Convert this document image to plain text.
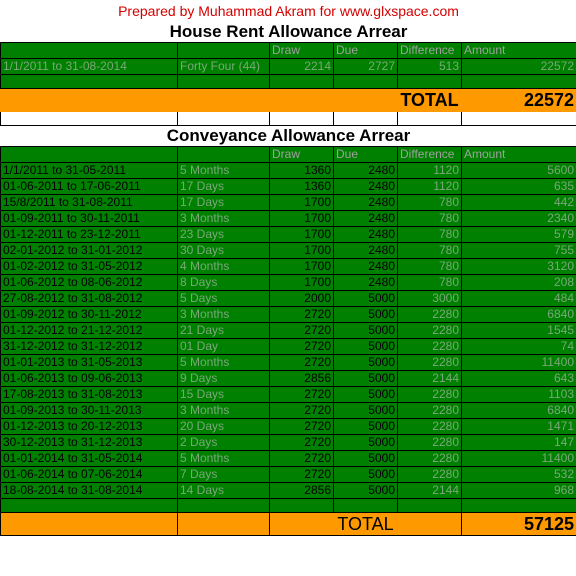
Prepared by Muhammad Akram for www.glxspace.com					
House Rent Allowance Arrear					
		Draw	Due	Difference	Amount
1/1/2011 to 31-08-2014	Forty Four (44)	2214	2727	513	22572

				TOTAL	22572

Conveyance Allowance Arrear					
		Draw	Due	Difference	Amount
1/1/2011 to 31-05-2011	5 Months	1360	2480	1120	5600
01-06-2011 to 17-06-2011	17 Days	1360	2480	1120	635
15/8/2011 to 31-08-2011	17 Days	1700	2480	780	442
01-09-2011 to 30-11-2011	3 Months	1700	2480	780	2340
01-12-2011 to 23-12-2011	23 Days	1700	2480	780	579
02-01-2012 to 31-01-2012	30 Days	1700	2480	780	755
01-02-2012 to 31-05-2012	4 Months	1700	2480	780	3120
01-06-2012 to 08-06-2012	8 Days	1700	2480	780	208
27-08-2012 to 31-08-2012	5 Days	2000	5000	3000	484
01-09-2012 to 30-11-2012	3 Months	2720	5000	2280	6840
01-12-2012 to 21-12-2012	21 Days	2720	5000	2280	1545
31-12-2012 to 31-12-2012	01 Day	2720	5000	2280	74
01-01-2013 to 31-05-2013	5 Months	2720	5000	2280	11400
01-06-2013 to 09-06-2013	9 Days	2856	5000	2144	643
17-08-2013 to 31-08-2013	15 Days	2720	5000	2280	1103
01-09-2013 to 30-11-2013	3 Months	2720	5000	2280	6840
01-12-2013 to 20-12-2013	20 Days	2720	5000	2280	1471
30-12-2013 to 31-12-2013	2 Days	2720	5000	2280	147
01-01-2014 to 31-05-2014	5 Months	2720	5000	2280	11400
01-06-2014 to 07-06-2014	7 Days	2720	5000	2280	532
18-08-2014 to 31-08-2014	14 Days	2856	5000	2144	968

		TOTAL			57125
